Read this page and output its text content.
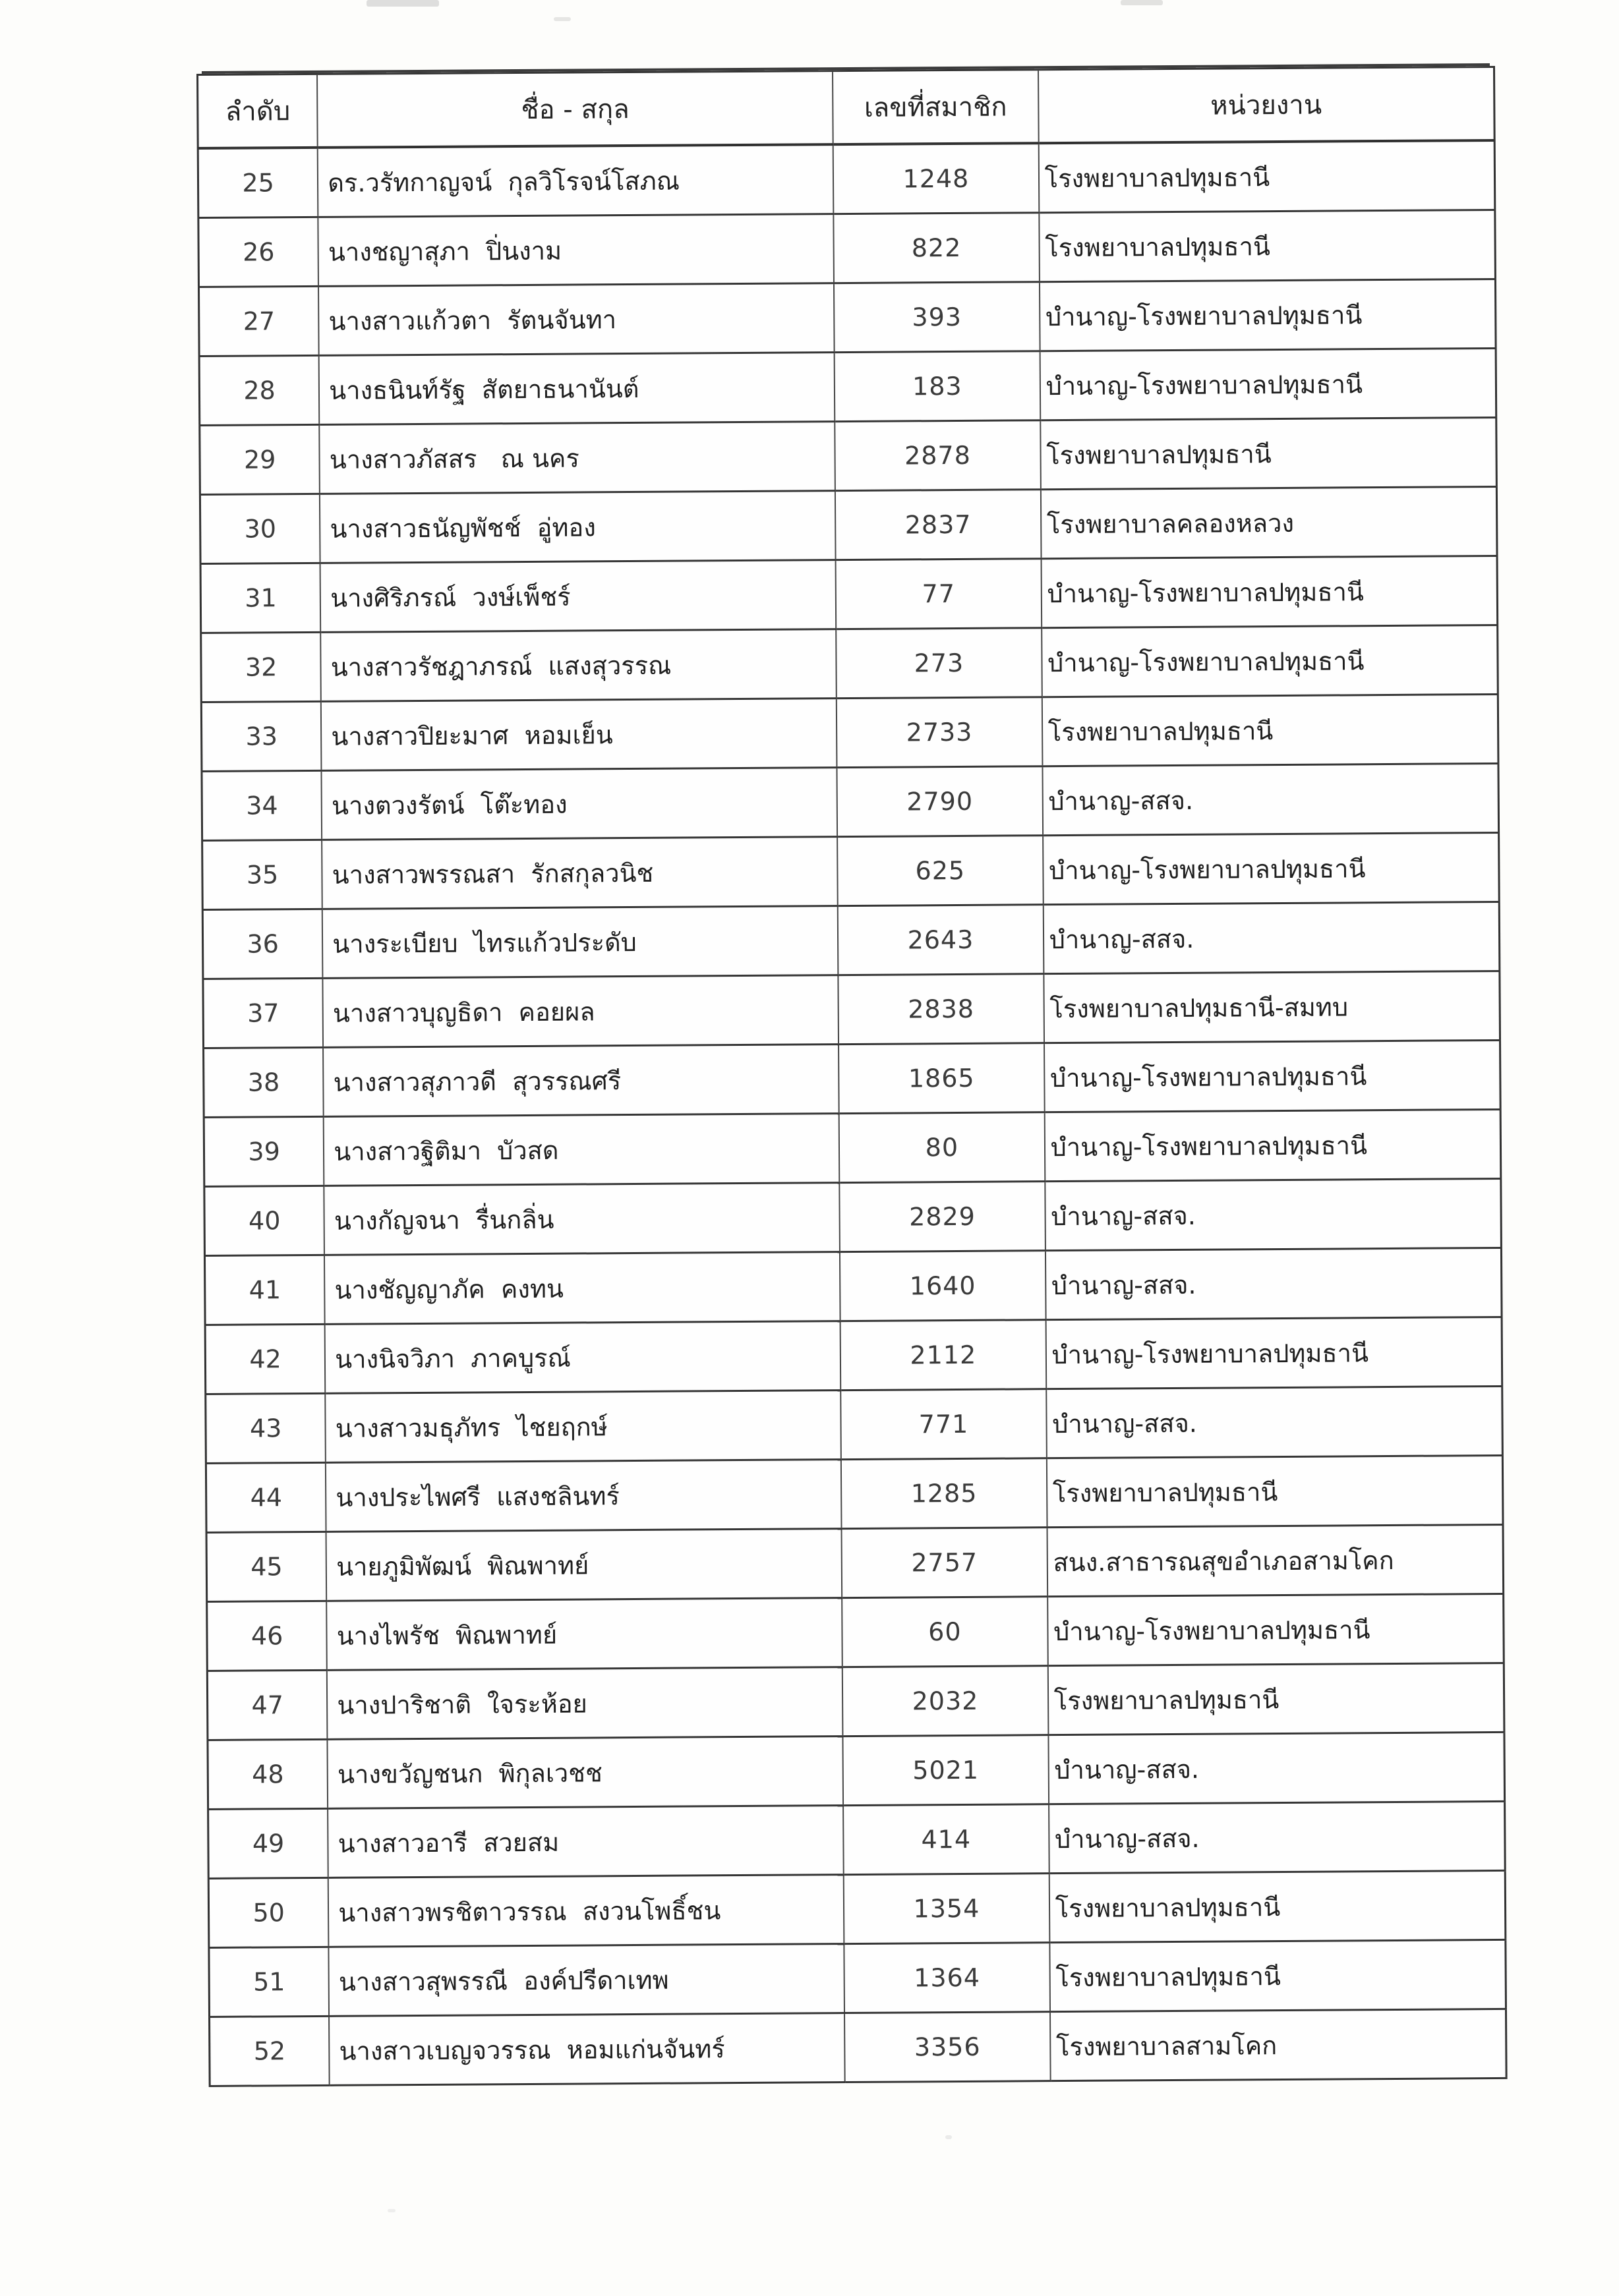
ลำดับ	ชื่อ - สกุล	เลขที่สมาชิก	หน่วยงาน
25	ดร.วรัทกาญจน์  กุลวิโรจน์โสภณ	1248	โรงพยาบาลปทุมธานี
26	นางชญาสุภา  ปิ่นงาม	822	โรงพยาบาลปทุมธานี
27	นางสาวแก้วตา  รัตนจันทา	393	บำนาญ-โรงพยาบาลปทุมธานี
28	นางธนินท์รัฐ  สัตยาธนานันต์	183	บำนาญ-โรงพยาบาลปทุมธานี
29	นางสาวภัสสร   ณ นคร	2878	โรงพยาบาลปทุมธานี
30	นางสาวธนัญพัชช์  อู่ทอง	2837	โรงพยาบาลคลองหลวง
31	นางศิริภรณ์  วงษ์เพ็ชร์	77	บำนาญ-โรงพยาบาลปทุมธานี
32	นางสาวรัชฎาภรณ์  แสงสุวรรณ	273	บำนาญ-โรงพยาบาลปทุมธานี
33	นางสาวปิยะมาศ  หอมเย็น	2733	โรงพยาบาลปทุมธานี
34	นางตวงรัตน์  โต๊ะทอง	2790	บำนาญ-สสจ.
35	นางสาวพรรณสา  รักสกุลวนิช	625	บำนาญ-โรงพยาบาลปทุมธานี
36	นางระเบียบ  ไทรแก้วประดับ	2643	บำนาญ-สสจ.
37	นางสาวบุญธิดา  คอยผล	2838	โรงพยาบาลปทุมธานี-สมทบ
38	นางสาวสุภาวดี  สุวรรณศรี	1865	บำนาญ-โรงพยาบาลปทุมธานี
39	นางสาวฐิติมา  บัวสด	80	บำนาญ-โรงพยาบาลปทุมธานี
40	นางกัญจนา  รื่นกลิ่น	2829	บำนาญ-สสจ.
41	นางชัญญาภัค  คงทน	1640	บำนาญ-สสจ.
42	นางนิจวิภา  ภาคบูรณ์	2112	บำนาญ-โรงพยาบาลปทุมธานี
43	นางสาวมธุภัทร  ไชยฤกษ์	771	บำนาญ-สสจ.
44	นางประไพศรี  แสงชลินทร์	1285	โรงพยาบาลปทุมธานี
45	นายภูมิพัฒน์  พิณพาทย์	2757	สนง.สาธารณสุขอำเภอสามโคก
46	นางไพรัช  พิณพาทย์	60	บำนาญ-โรงพยาบาลปทุมธานี
47	นางปาริชาติ  ใจระห้อย	2032	โรงพยาบาลปทุมธานี
48	นางขวัญชนก  พิกุลเวชช	5021	บำนาญ-สสจ.
49	นางสาวอารี  สวยสม	414	บำนาญ-สสจ.
50	นางสาวพรชิตาวรรณ  สงวนโพธิ์ชน	1354	โรงพยาบาลปทุมธานี
51	นางสาวสุพรรณี  องค์ปรีดาเทพ	1364	โรงพยาบาลปทุมธานี
52	นางสาวเบญจวรรณ  หอมแก่นจันทร์	3356	โรงพยาบาลสามโคก
